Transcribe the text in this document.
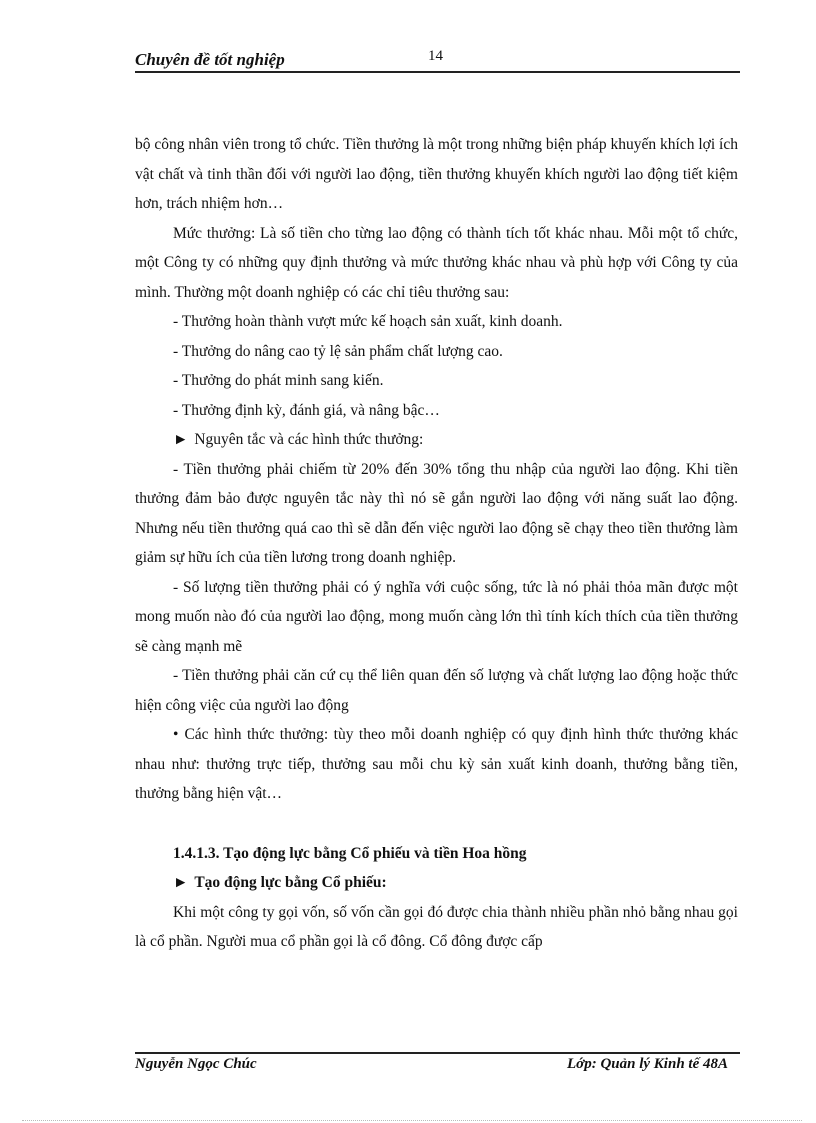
Chuyên đề tốt nghiệp	14

bộ công nhân viên trong tổ chức. Tiền thưởng là một trong những biện pháp khuyến khích lợi ích vật chất và tinh thần đối với người lao động, tiền thưởng khuyến khích người lao động tiết kiệm hơn, trách nhiệm hơn…

Mức thưởng: Là số tiền cho từng lao động có thành tích tốt khác nhau. Mỗi một tổ chức, một Công ty có những quy định thưởng và mức thưởng khác nhau và phù hợp với Công ty của mình. Thường một doanh nghiệp có các chỉ tiêu thưởng sau:

- Thưởng hoàn thành vượt mức kế hoạch sản xuất, kinh doanh.

- Thưởng do nâng cao tỷ lệ sản phẩm chất lượng cao.

- Thưởng do phát minh sang kiến.

- Thưởng định kỳ, đánh giá, và nâng bậc…

► Nguyên tắc và các hình thức thưởng:

- Tiền thưởng phải chiếm từ 20% đến 30% tổng thu nhập của người lao động. Khi tiền thưởng đảm bảo được nguyên tắc này thì nó sẽ gắn người lao động với năng suất lao động. Nhưng nếu tiền thưởng quá cao thì sẽ dẫn đến việc người lao động sẽ chạy theo tiền thưởng làm giảm sự hữu ích của tiền lương trong doanh nghiệp.

- Số lượng tiền thưởng phải có ý nghĩa với cuộc sống, tức là nó phải thỏa mãn được một mong muốn nào đó của người lao động, mong muốn càng lớn thì tính kích thích của tiền thưởng sẽ càng mạnh mẽ

- Tiền thưởng phải căn cứ cụ thể liên quan đến số lượng và chất lượng lao động hoặc thức hiện công việc của người lao động

• Các hình thức thưởng: tùy theo mỗi doanh nghiệp có quy định hình thức thưởng khác nhau như: thưởng trực tiếp, thưởng sau mỗi chu kỳ sản xuất kinh doanh, thưởng bằng tiền, thưởng bằng hiện vật…

1.4.1.3. Tạo động lực bằng Cổ phiếu và tiền Hoa hồng

► Tạo động lực bằng Cổ phiếu:

Khi một công ty gọi vốn, số vốn cần gọi đó được chia thành nhiều phần nhỏ bằng nhau gọi là cổ phần. Người mua cổ phần gọi là cổ đông. Cổ đông được cấp

Nguyễn Ngọc Chúc	Lớp: Quản lý Kinh tế 48A
